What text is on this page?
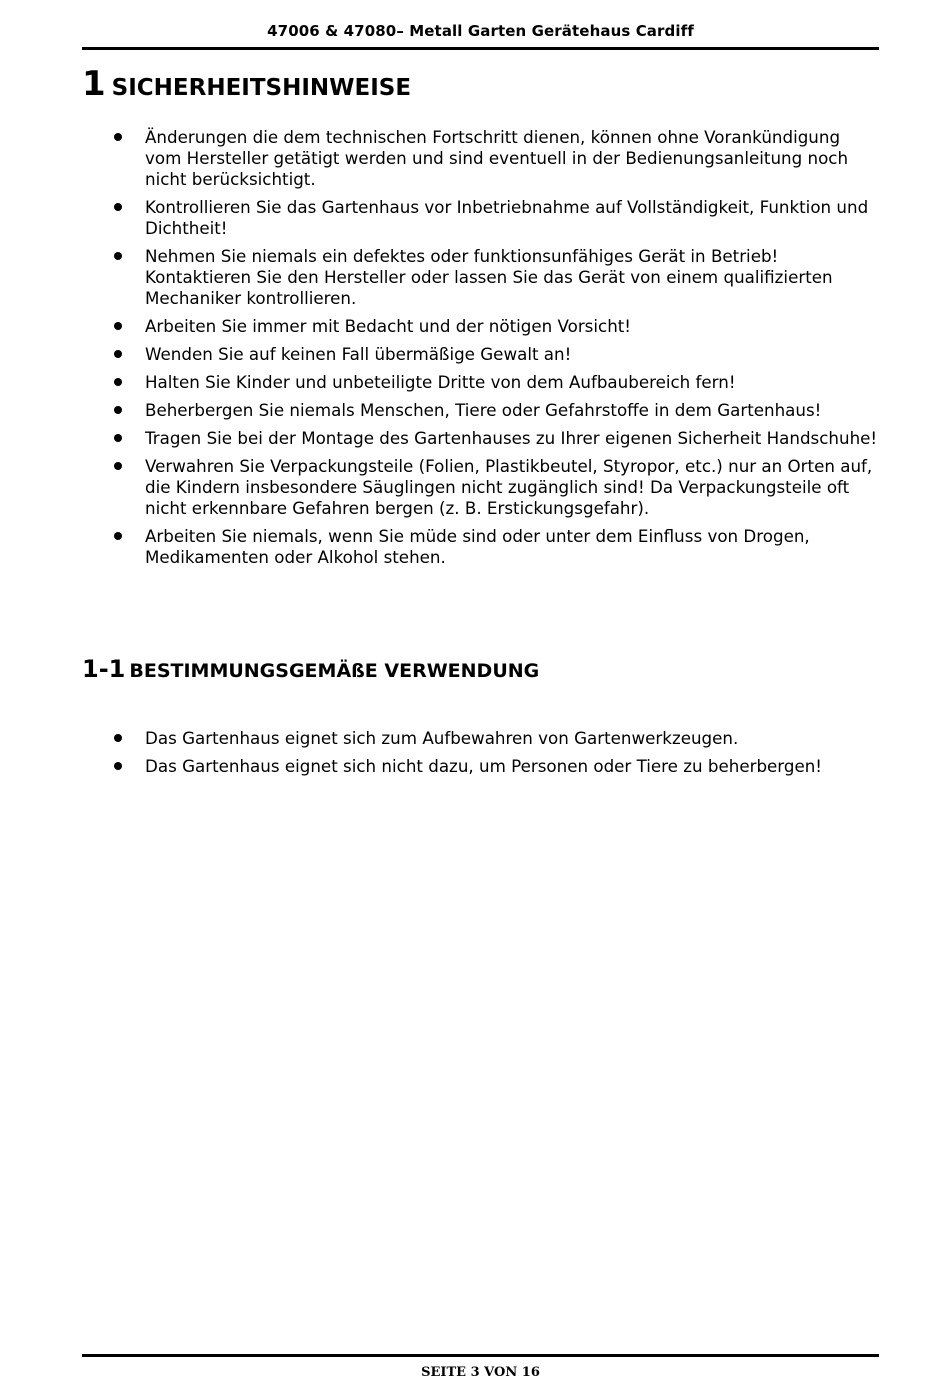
47006 & 47080– Metall Garten Gerätehaus Cardiff
1 SICHERHEITSHINWEISE
Änderungen die dem technischen Fortschritt dienen, können ohne Vorankündigung vom Hersteller getätigt werden und sind eventuell in der Bedienungsanleitung noch nicht berücksichtigt.
Kontrollieren Sie das Gartenhaus vor Inbetriebnahme auf Vollständigkeit, Funktion und Dichtheit!
Nehmen Sie niemals ein defektes oder funktionsunfähiges Gerät in Betrieb! Kontaktieren Sie den Hersteller oder lassen Sie das Gerät von einem qualifizierten Mechaniker kontrollieren.
Arbeiten Sie immer mit Bedacht und der nötigen Vorsicht!
Wenden Sie auf keinen Fall übermäßige Gewalt an!
Halten Sie Kinder und unbeteiligte Dritte von dem Aufbaubereich fern!
Beherbergen Sie niemals Menschen, Tiere oder Gefahrstoffe in dem Gartenhaus!
Tragen Sie bei der Montage des Gartenhauses zu Ihrer eigenen Sicherheit Handschuhe!
Verwahren Sie Verpackungsteile (Folien, Plastikbeutel, Styropor, etc.) nur an Orten auf, die Kindern insbesondere Säuglingen nicht zugänglich sind! Da Verpackungsteile oft nicht erkennbare Gefahren bergen (z. B. Erstickungsgefahr).
Arbeiten Sie niemals, wenn Sie müde sind oder unter dem Einfluss von Drogen, Medikamenten oder Alkohol stehen.
1-1 BESTIMMUNGSGEMÄßE VERWENDUNG
Das Gartenhaus eignet sich zum Aufbewahren von Gartenwerkzeugen.
Das Gartenhaus eignet sich nicht dazu, um Personen oder Tiere zu beherbergen!
SEITE 3 VON 16
